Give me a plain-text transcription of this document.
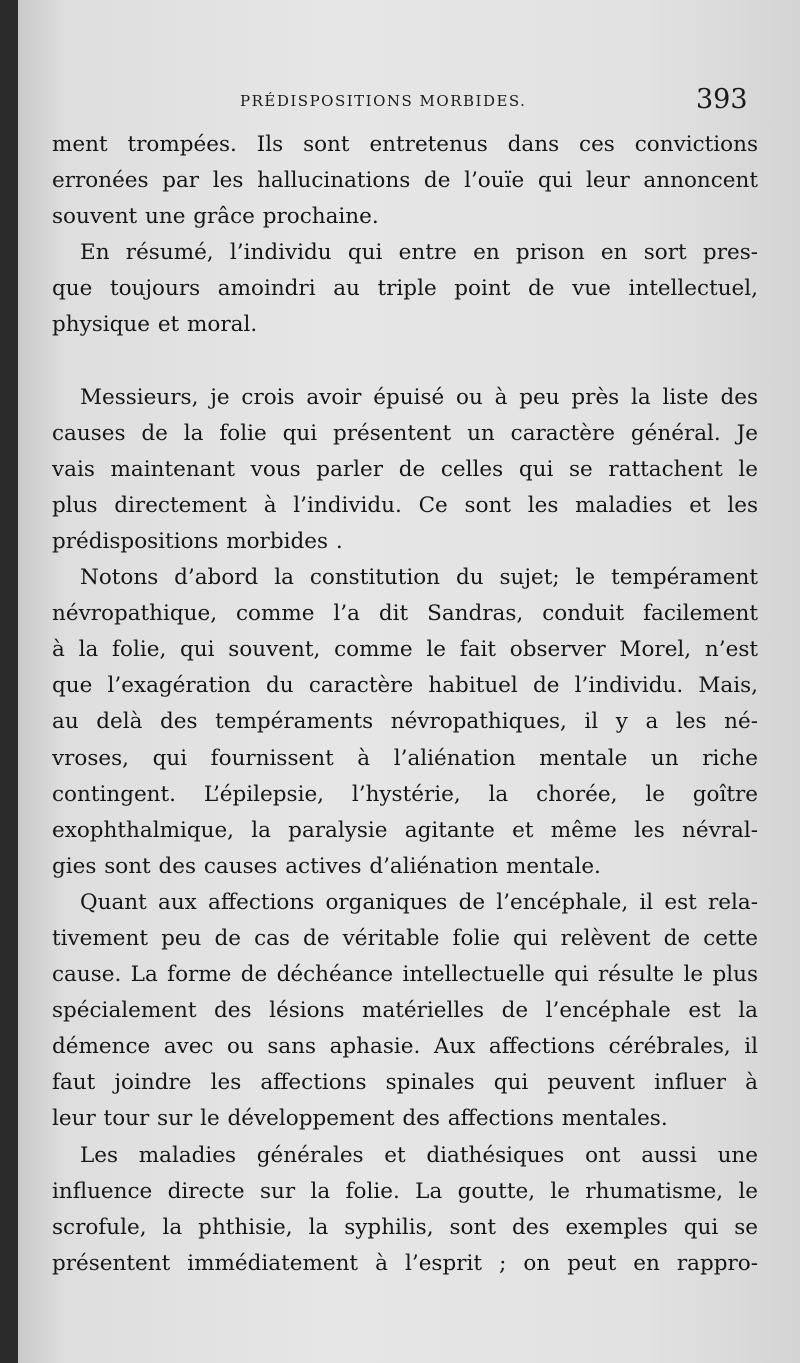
PRÉDISPOSITIONS MORBIDES.	393
ment trompées. Ils sont entretenus dans ces convictions
erronées par les hallucinations de l’ouïe qui leur annoncent
souvent une grâce prochaine.
En résumé, l’individu qui entre en prison en sort pres-
que toujours amoindri au triple point de vue intellectuel,
physique et moral.
Messieurs, je crois avoir épuisé ou à peu près la liste des
causes de la folie qui présentent un caractère général. Je
vais maintenant vous parler de celles qui se rattachent le
plus directement à l’individu. Ce sont les maladies et les
prédispositions morbides .
Notons d’abord la constitution du sujet; le tempérament
névropathique, comme l’a dit Sandras, conduit facilement
à la folie, qui souvent, comme le fait observer Morel, n’est
que l’exagération du caractère habituel de l’individu. Mais,
au delà des tempéraments névropathiques, il y a les né-
vroses, qui fournissent à l’aliénation mentale un riche
contingent. L’épilepsie, l’hystérie, la chorée, le goître
exophthalmique, la paralysie agitante et même les névral-
gies sont des causes actives d’aliénation mentale.
Quant aux affections organiques de l’encéphale, il est rela-
tivement peu de cas de véritable folie qui relèvent de cette
cause. La forme de déchéance intellectuelle qui résulte le plus
spécialement des lésions matérielles de l’encéphale est la
démence avec ou sans aphasie. Aux affections cérébrales, il
faut joindre les affections spinales qui peuvent influer à
leur tour sur le développement des affections mentales.
Les maladies générales et diathésiques ont aussi une
influence directe sur la folie. La goutte, le rhumatisme, le
scrofule, la phthisie, la syphilis, sont des exemples qui se
présentent immédiatement à l’esprit ; on peut en rappro-
